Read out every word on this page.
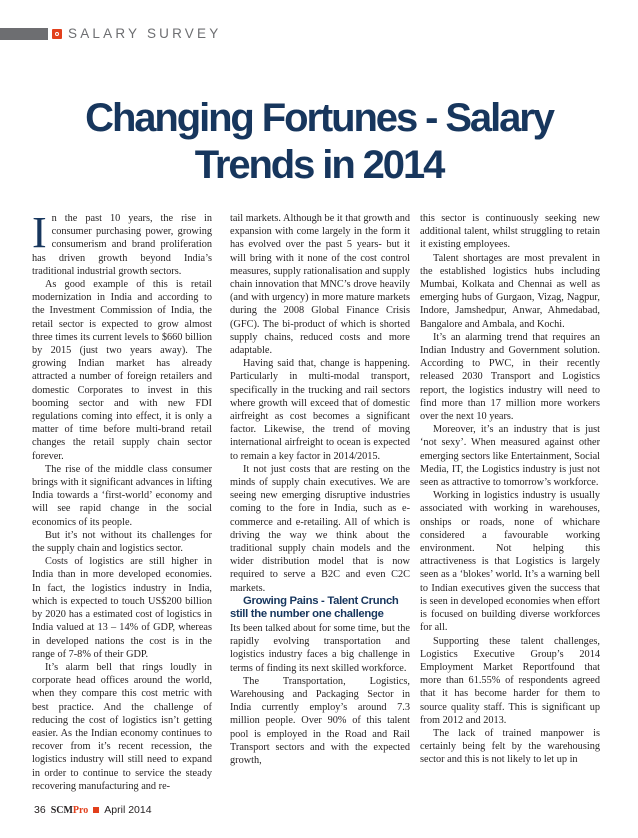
SALARY SURVEY
Changing Fortunes - Salary
Trends in 2014

In the past 10 years, the rise in consumer purchasing power, growing consumerism and brand proliferation has driven growth beyond India’s traditional industrial growth sectors.

As good example of this is retail modernization in India and according to the Investment Commission of India, the retail sector is expected to grow almost three times its current levels to $660 billion by 2015 (just two years away). The growing Indian market has already attracted a number of foreign retailers and domestic Corporates to invest in this booming sector and with new FDI regulations coming into effect, it is only a matter of time before multi-brand retail changes the retail supply chain sector forever.

The rise of the middle class consumer brings with it significant advances in lifting India towards a ‘first-world’ economy and will see rapid change in the social economics of its people.

But it’s not without its challenges for the supply chain and logistics sector.

Costs of logistics are still higher in India than in more developed economies. In fact, the logistics industry in India, which is expected to touch US$200 billion by 2020 has a estimated cost of logistics in India valued at 13 – 14% of GDP, whereas in developed nations the cost is in the range of 7-8% of their GDP.

It’s alarm bell that rings loudly in corporate head offices around the world, when they compare this cost metric with best practice. And the challenge of reducing the cost of logistics isn’t getting easier. As the Indian economy continues to recover from it’s recent recession, the logistics industry will still need to expand in order to continue to service the steady recovering manufacturing and re-

tail markets. Although be it that growth and expansion with come largely in the form it has evolved over the past 5 years- but it will bring with it none of the cost control measures, supply rationalisation and supply chain innovation that MNC’s drove heavily (and with urgency) in more mature markets during the 2008 Global Finance Crisis (GFC). The bi-product of which is shorted supply chains, reduced costs and more adaptable.

Having said that, change is happening. Particularly in multi-modal transport, specifically in the trucking and rail sectors where growth will exceed that of domestic airfreight as cost becomes a significant factor. Likewise, the trend of moving international airfreight to ocean is expected to remain a key factor in 2014/2015.

It not just costs that are resting on the minds of supply chain executives. We are seeing new emerging disruptive industries coming to the fore in India, such as e-commerce and e-retailing. All of which is driving the way we think about the traditional supply chain models and the wider distribution model that is now required to serve a B2C and even C2C markets.

Growing Pains - Talent Crunch still the number one challenge

Its been talked about for some time, but the rapidly evolving transportation and logistics industry faces a big challenge in terms of finding its next skilled workforce.

The Transportation, Logistics, Warehousing and Packaging Sector in India currently employ’s around 7.3 million people. Over 90% of this talent pool is employed in the Road and Rail Transport sectors and with the expected growth,

this sector is continuously seeking new additional talent, whilst struggling to retain it existing employees.

Talent shortages are most prevalent in the established logistics hubs including Mumbai, Kolkata and Chennai as well as emerging hubs of Gurgaon, Vizag, Nagpur, Indore, Jamshedpur, Anwar, Ahmedabad, Bangalore and Ambala, and Kochi.

It’s an alarming trend that requires an Indian Industry and Government solution. According to PWC, in their recently released 2030 Transport and Logistics report, the logistics industry will need to find more than 17 million more workers over the next 10 years.

Moreover, it’s an industry that is just ‘not sexy’. When measured against other emerging sectors like Entertainment, Social Media, IT, the Logistics industry is just not seen as attractive to tomorrow’s workforce.

Working in logistics industry is usually associated with working in warehouses, onships or roads, none of whichare considered a favourable working environment. Not helping this attractiveness is that Logistics is largely seen as a ‘blokes’ world. It’s a warning bell to Indian executives given the success that is seen in developed economies when effort is focused on building diverse workforces for all.

Supporting these talent challenges, Logistics Executive Group’s 2014 Employment Market Reportfound that more than 61.55% of respondents agreed that it has become harder for them to source quality staff. This is significant up from 2012 and 2013.

The lack of trained manpower is certainly being felt by the warehousing sector and this is not likely to let up in

36 SCMPro April 2014
